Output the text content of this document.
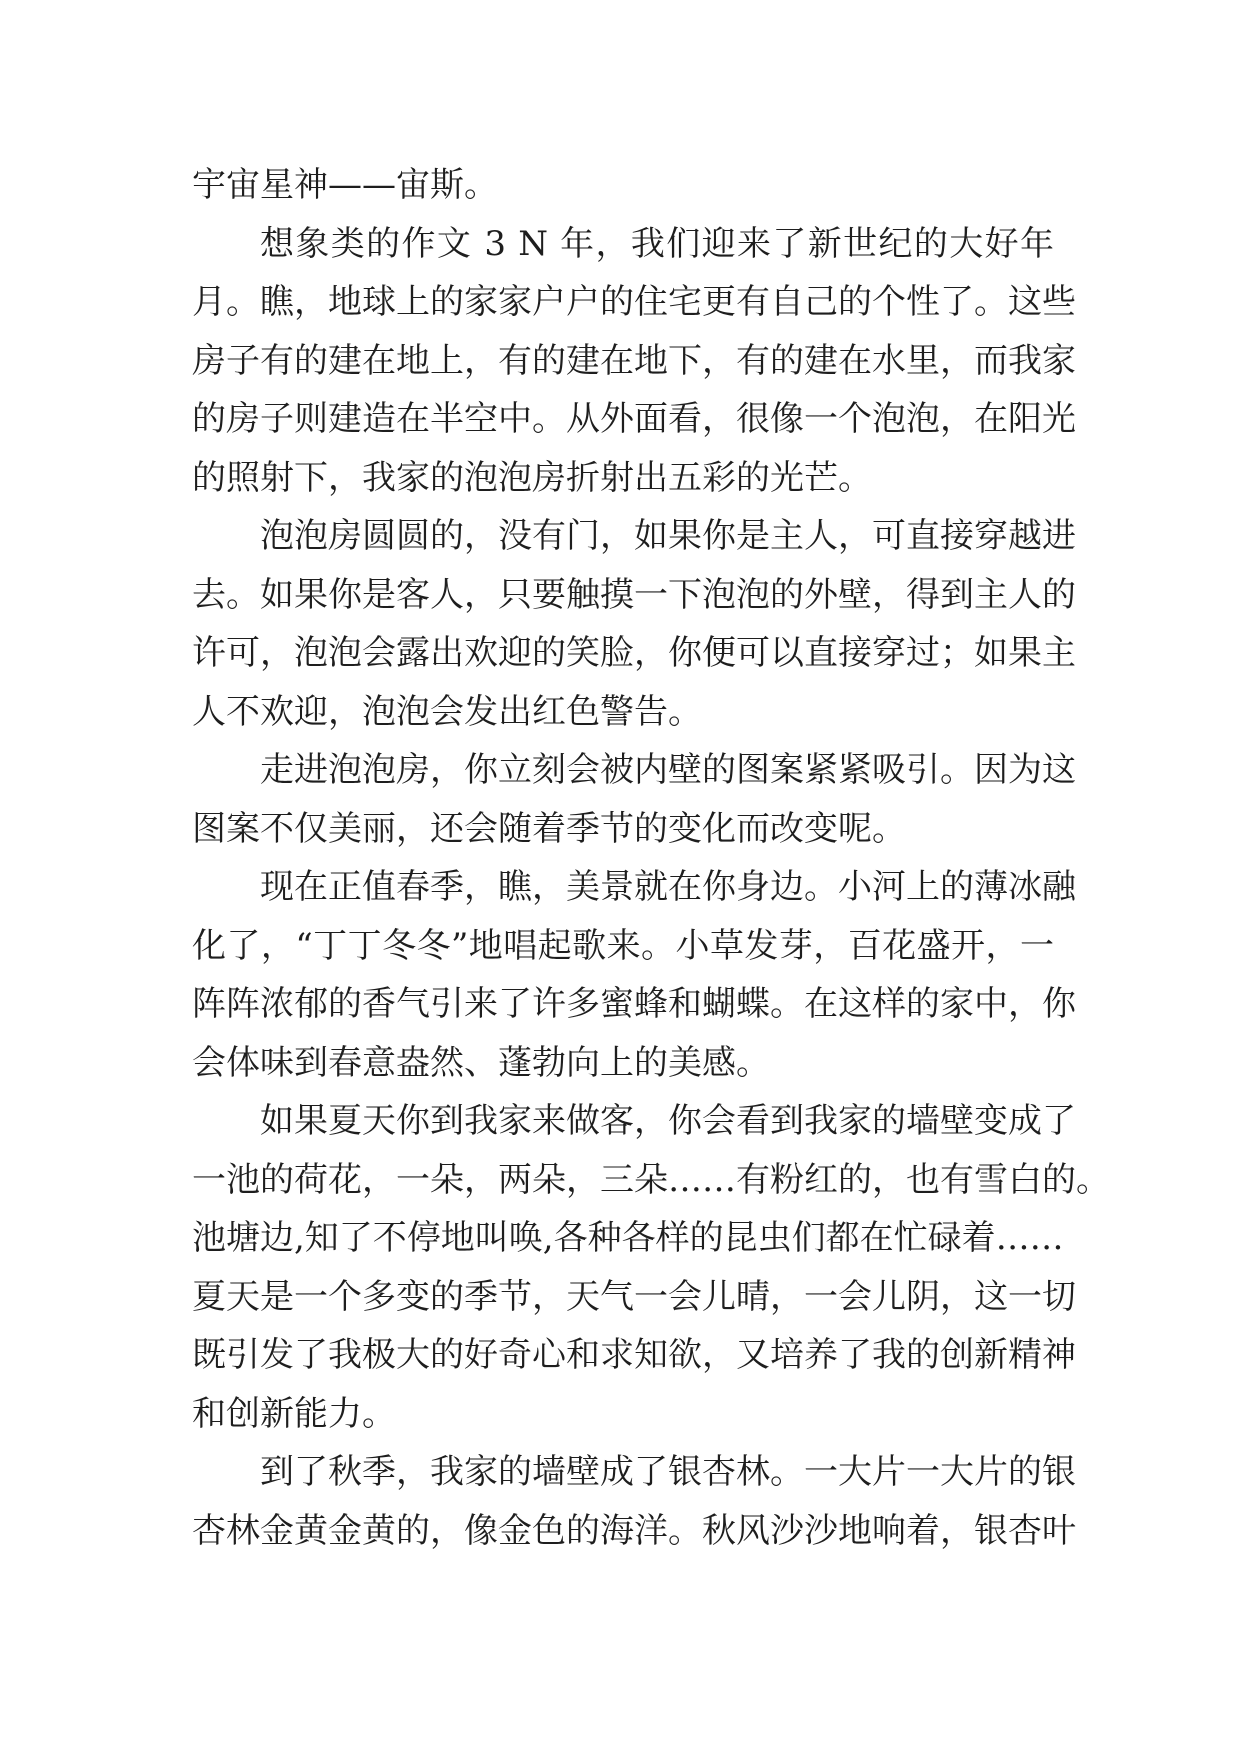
宇宙星神——宙斯。
想象类的作文 3 N 年，我们迎来了新世纪的大好年
月。瞧，地球上的家家户户的住宅更有自己的个性了。这些
房子有的建在地上，有的建在地下，有的建在水里，而我家
的房子则建造在半空中。从外面看，很像一个泡泡，在阳光
的照射下，我家的泡泡房折射出五彩的光芒。
泡泡房圆圆的，没有门，如果你是主人，可直接穿越进
去。如果你是客人，只要触摸一下泡泡的外壁，得到主人的
许可，泡泡会露出欢迎的笑脸，你便可以直接穿过；如果主
人不欢迎，泡泡会发出红色警告。
走进泡泡房，你立刻会被内壁的图案紧紧吸引。因为这
图案不仅美丽，还会随着季节的变化而改变呢。
现在正值春季，瞧，美景就在你身边。小河上的薄冰融
化了，“丁丁冬冬”地唱起歌来。小草发芽，百花盛开，一
阵阵浓郁的香气引来了许多蜜蜂和蝴蝶。在这样的家中，你
会体味到春意盎然、蓬勃向上的美感。
如果夏天你到我家来做客，你会看到我家的墙壁变成了
一池的荷花，一朵，两朵，三朵……有粉红的，也有雪白的。
池塘边,知了不停地叫唤,各种各样的昆虫们都在忙碌着……
夏天是一个多变的季节，天气一会儿晴，一会儿阴，这一切
既引发了我极大的好奇心和求知欲，又培养了我的创新精神
和创新能力。
到了秋季，我家的墙壁成了银杏林。一大片一大片的银
杏林金黄金黄的，像金色的海洋。秋风沙沙地响着，银杏叶
